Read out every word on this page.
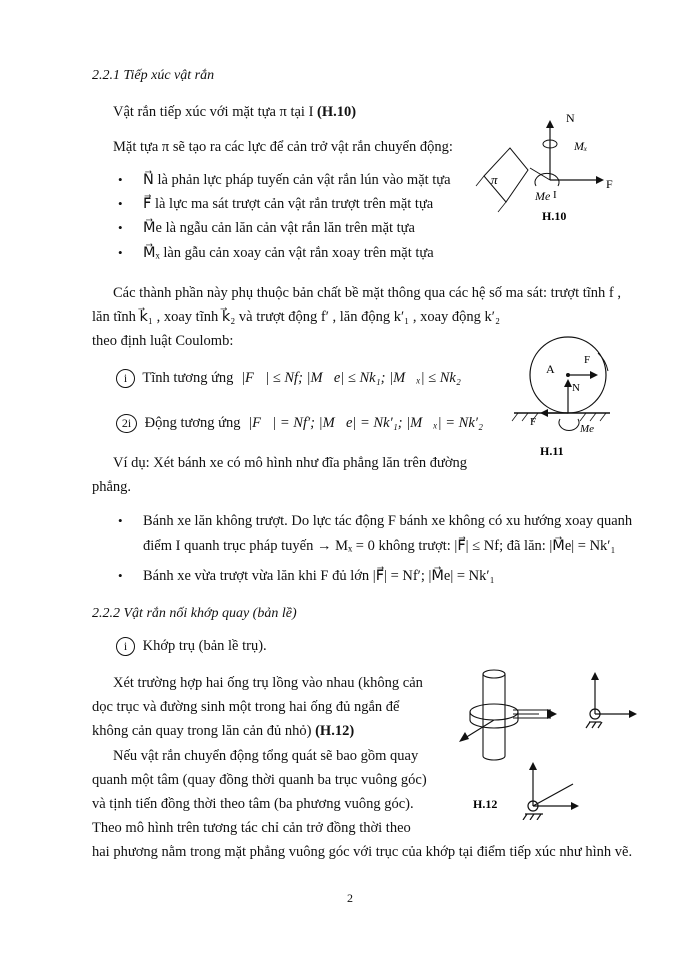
2.2.1 Tiếp xúc vật rắn
Vật rắn tiếp xúc với mặt tựa π tại I (H.10)
Mặt tựa π sẽ tạo ra các lực để cản trở vật rắn chuyển động:
• N⃗ là phản lực pháp tuyến cản vật rắn lún vào mặt tựa
• F⃗ là lực ma sát trượt cản vật rắn trượt trên mặt tựa
• M⃗e là ngẫu cản lăn cản vật rắn lăn trên mặt tựa
• M⃗ₓ làn gẫu cản xoay cản vật rắn xoay trên mặt tựa
π
N
Mₓ
F
I
Me
H.10
Các thành phần này phụ thuộc bản chất bề mặt thông qua các hệ số ma sát: trượt tĩnh f ,
lăn tĩnh k⃗₁ , xoay tĩnh k⃗₂ và trượt động f′ , lăn động k′₁ , xoay động k′₂
theo định luật Coulomb:
i Tĩnh tương ứng |F⃗| ≤ Nf; |M⃗e| ≤ Nk₁; |M⃗ₓ| ≤ Nk₂
2i Động tương ứng |F⃗| = Nf′; |M⃗e| = Nk′₁; |M⃗ₓ| = Nk′₂
A
F
N
F
Me
H.11
Ví dụ: Xét bánh xe có mô hình như đĩa phẳng lăn trên đường
phẳng.
• Bánh xe lăn không trượt. Do lực tác động F bánh xe không có xu hướng xoay quanh
điểm I quanh trục pháp tuyến → Mₓ = 0 không trượt: |F⃗| ≤ Nf; đã lăn: |M⃗e| = Nk′₁
• Bánh xe vừa trượt vừa lăn khi F đủ lớn |F⃗| = Nf′; |M⃗e| = Nk′₁
2.2.2 Vật rắn nối khớp quay (bản lề)
i Khớp trụ (bản lề trụ).
Xét trường hợp hai ống trụ lồng vào nhau (không cản
dọc trục và đường sinh một trong hai ống đủ ngắn để
không cản quay trong lăn cản đủ nhỏ) (H.12)
Nếu vật rắn chuyển động tổng quát sẽ bao gồm quay
quanh một tâm (quay đồng thời quanh ba trục vuông góc)
và tịnh tiến đồng thời theo tâm (ba phương vuông góc).
Theo mô hình trên tương tác chỉ cản trở đồng thời theo
hai phương nằm trong mặt phẳng vuông góc với trục của khớp tại điểm tiếp xúc như hình vẽ.
H.12
2
